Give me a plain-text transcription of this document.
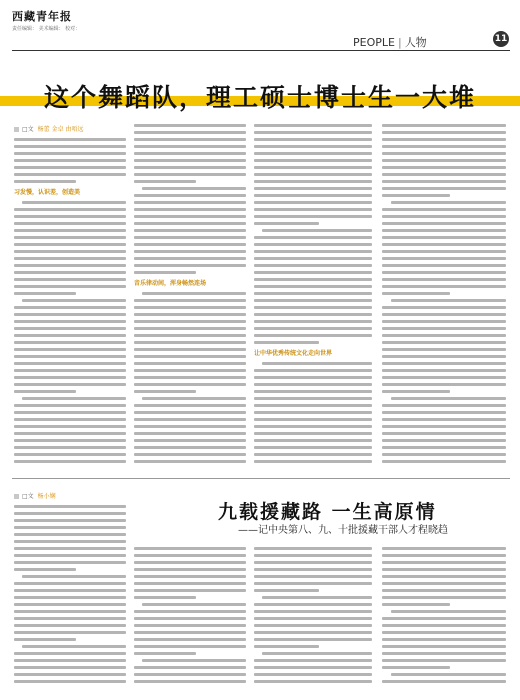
西藏青年报
责任编辑： 美术编辑： 校对：
PEOPLE | 人物	11
这个舞蹈队，理工硕士博士生一大堆
□文 杨蕾 金卓 由唔远
习发慢，认识差，创造美
音乐律动间，浑身畅然连场
让中华优秀传统文化走向世界
九载援藏路 一生高原情
——记中央第八、九、十批援藏干部人才程晓趋
□文 杨小娴
